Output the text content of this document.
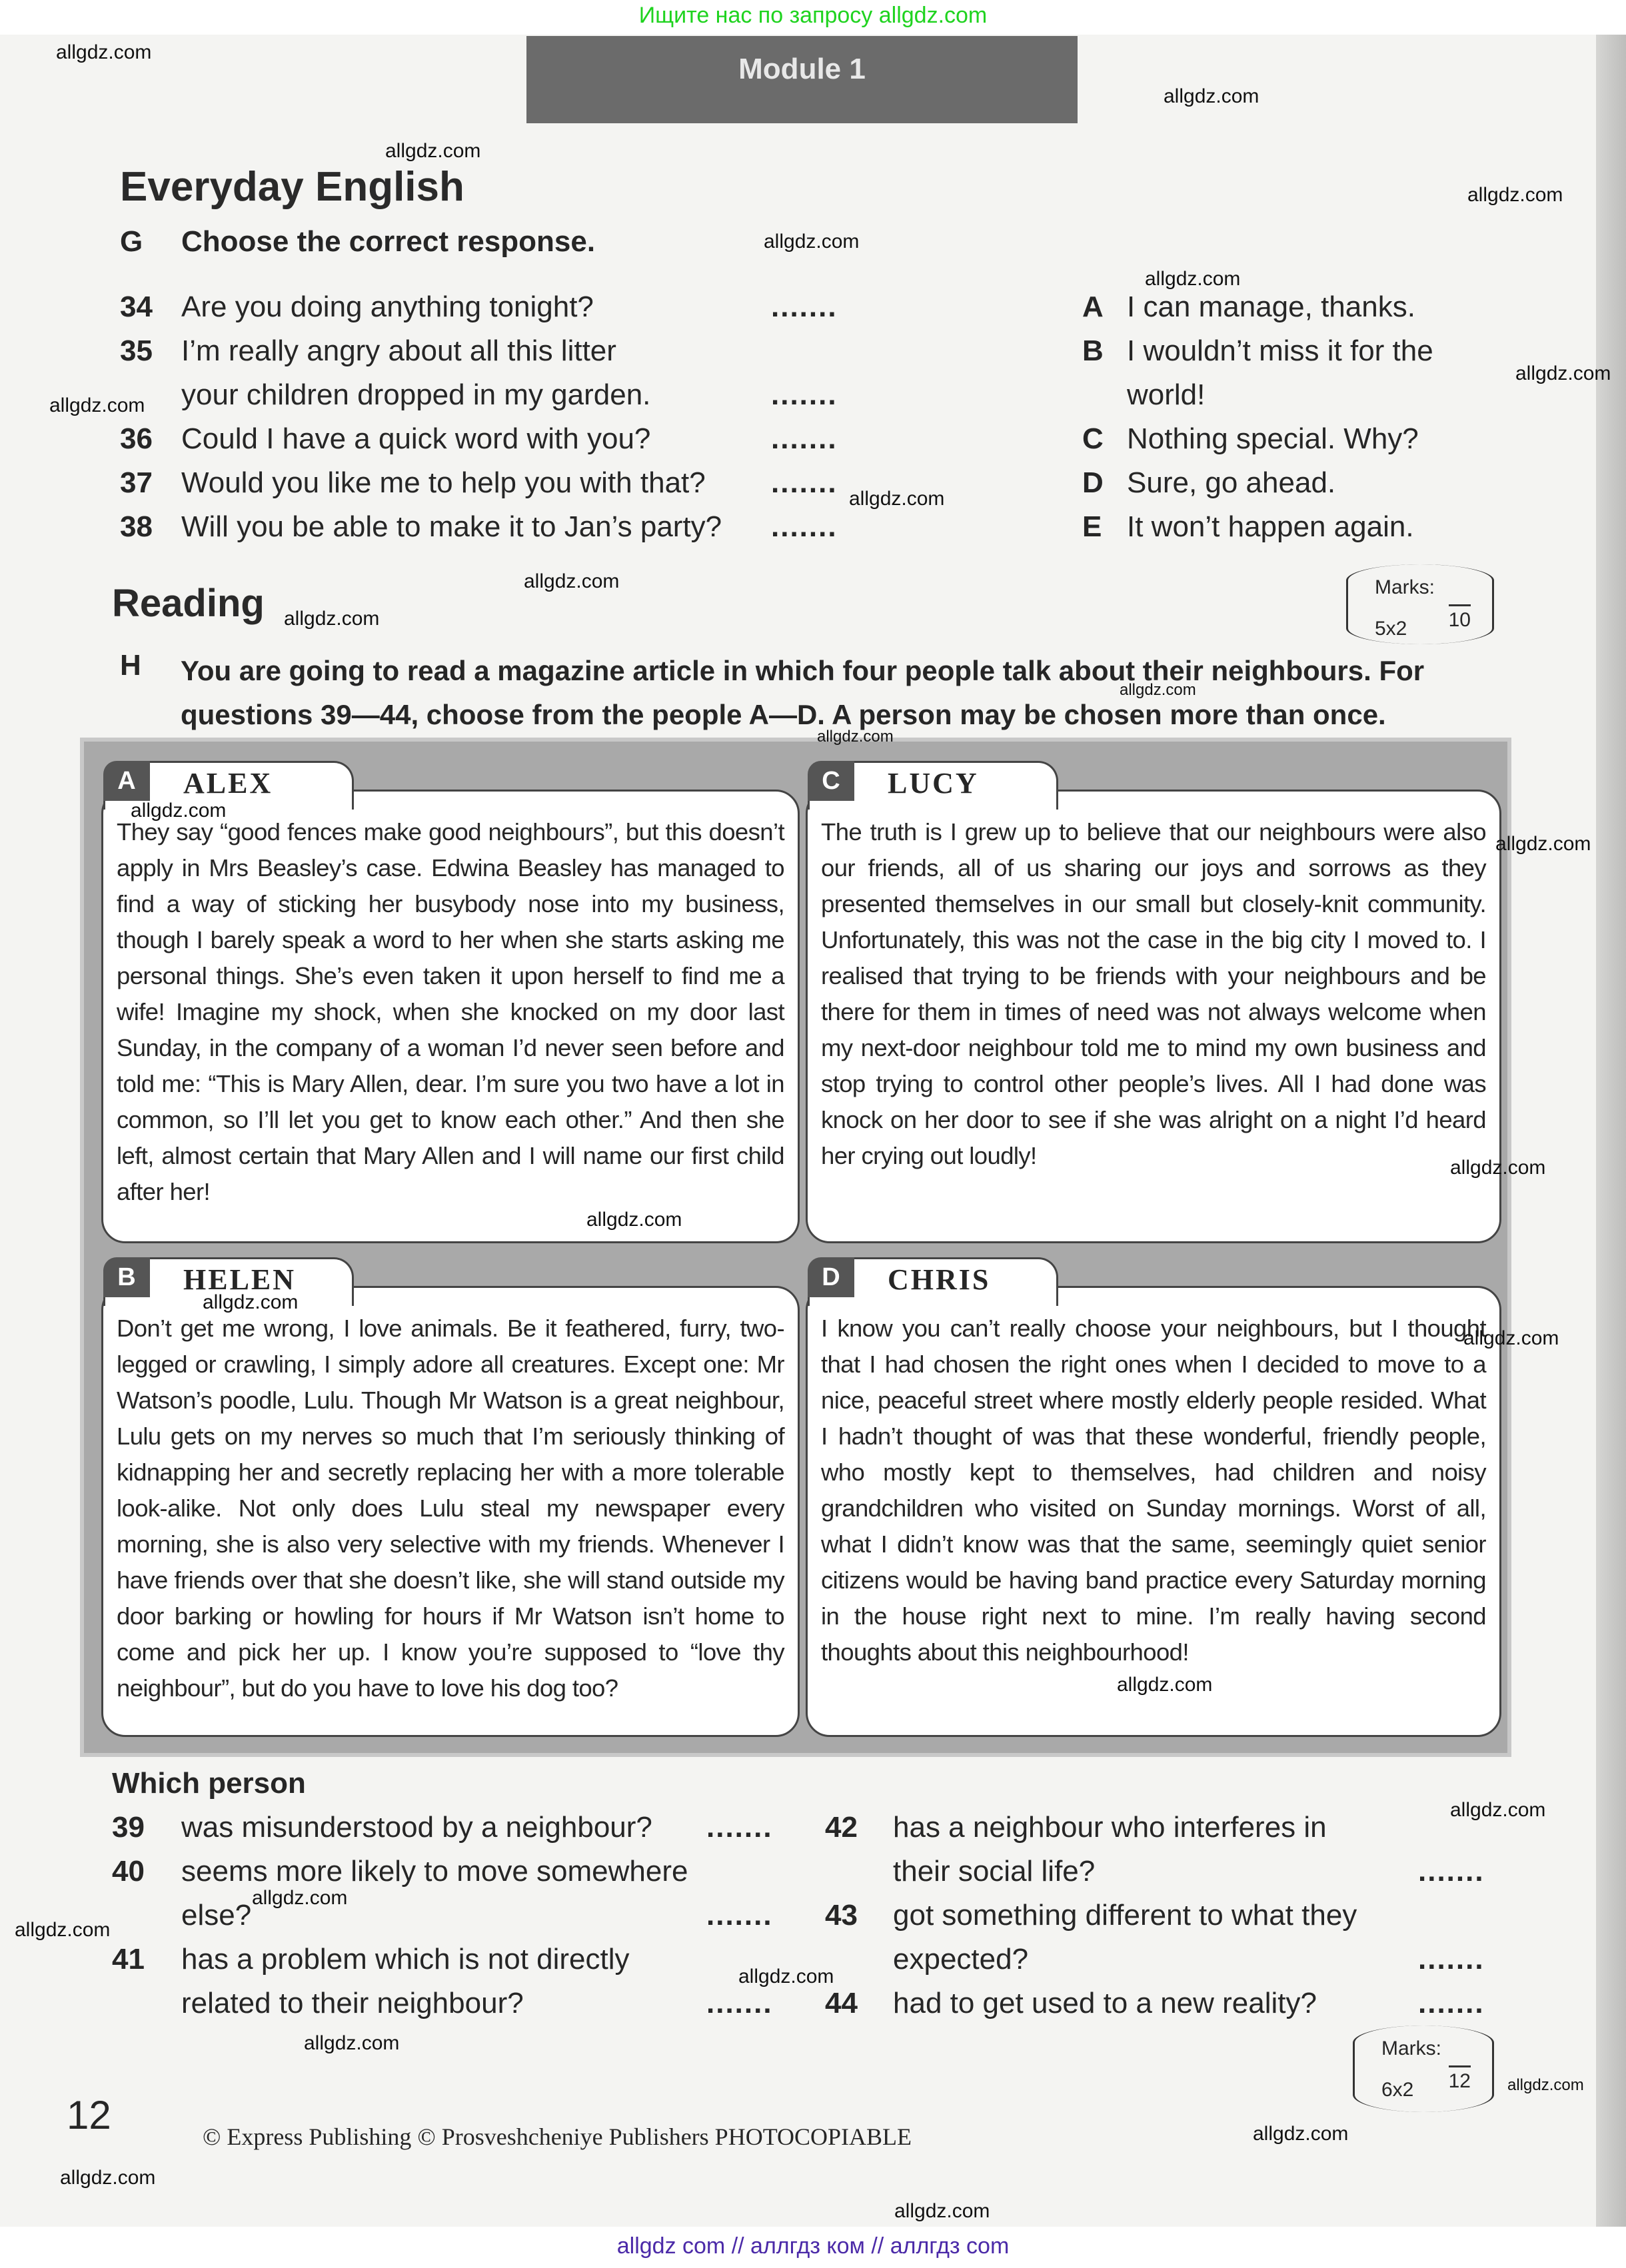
Ищите нас по запросу allgdz.com
Module 1
Everyday English
G Choose the correct response.
34 Are you doing anything tonight?	.......
35 I’m really angry about all this litter
your children dropped in my garden.	.......
36 Could I have a quick word with you?	.......
37 Would you like me to help you with that? .......
38 Will you be able to make it to Jan’s party? .......
A I can manage, thanks.
B I wouldn’t miss it for the
world!
C Nothing special. Why?
D Sure, go ahead.
E It won’t happen again.
Marks:
10
5x2
Reading
H You are going to read a magazine article in which four people talk about their neighbours. For
questions 39—44, choose from the people A—D. A person may be chosen more than once.
A	ALEX
They say “good fences make good neighbours”, but this doesn’t apply in Mrs Beasley’s case. Edwina Beasley has managed to find a way of sticking her busybody nose into my business, though I barely speak a word to her when she starts asking me personal things. She’s even taken it upon herself to find me a wife! Imagine my shock, when she knocked on my door last Sunday, in the company of a woman I’d never seen before and told me: “This is Mary Allen, dear. I’m sure you two have a lot in common, so I’ll let you get to know each other.” And then she left, almost certain that Mary Allen and I will name our first child after her!
C	LUCY
The truth is I grew up to believe that our neighbours were also our friends, all of us sharing our joys and sorrows as they presented themselves in our small but closely-knit community. Unfortunately, this was not the case in the big city I moved to. I realised that trying to be friends with your neighbours and be there for them in times of need was not always welcome when my next-door neighbour told me to mind my own business and stop trying to control other people’s lives. All I had done was knock on her door to see if she was alright on a night I’d heard her crying out loudly!
B	HELEN
Don’t get me wrong, I love animals. Be it feathered, furry, two-legged or crawling, I simply adore all creatures. Except one: Mr Watson’s poodle, Lulu. Though Mr Watson is a great neighbour, Lulu gets on my nerves so much that I’m seriously thinking of kidnapping her and secretly replacing her with a more tolerable look-alike. Not only does Lulu steal my newspaper every morning, she is also very selective with my friends. Whenever I have friends over that she doesn’t like, she will stand outside my door barking or howling for hours if Mr Watson isn’t home to come and pick her up. I know you’re supposed to “love thy neighbour”, but do you have to love his dog too?
D	CHRIS
I know you can’t really choose your neighbours, but I thought that I had chosen the right ones when I decided to move to a nice, peaceful street where mostly elderly people resided. What I hadn’t thought of was that these wonderful, friendly people, who mostly kept to themselves, had children and noisy grandchildren who visited on Sunday mornings. Worst of all, what I didn’t know was that the same, seemingly quiet senior citizens would be having band practice every Saturday morning in the house right next to mine. I’m really having second thoughts about this neighbourhood!
Which person
39 was misunderstood by a neighbour? .......
40 seems more likely to move somewhere
else?	.......
41 has a problem which is not directly
related to their neighbour?	.......
42 has a neighbour who interferes in
their social life?	.......
43 got something different to what they
expected?	.......
44 had to get used to a new reality?	.......
Marks:
12
6x2
12	© Express Publishing © Prosveshcheniye Publishers PHOTOCOPIABLE
allgdz.com
allgdz.com
allgdz.com
allgdz.com
allgdz.com
allgdz.com
allgdz.com
allgdz.com
allgdz.com
allgdz.com
allgdz.com
allgdz.com
allgdz.com
allgdz.com
allgdz.com
allgdz.com
allgdz.com
allgdz.com
allgdz.com
allgdz.com
allgdz.com
allgdz.com
allgdz.com
allgdz.com
allgdz.com
allgdz.com
allgdz.com
allgdz.com
allgdz.com
allgdz com // аллгдз ком // аллгдз com
